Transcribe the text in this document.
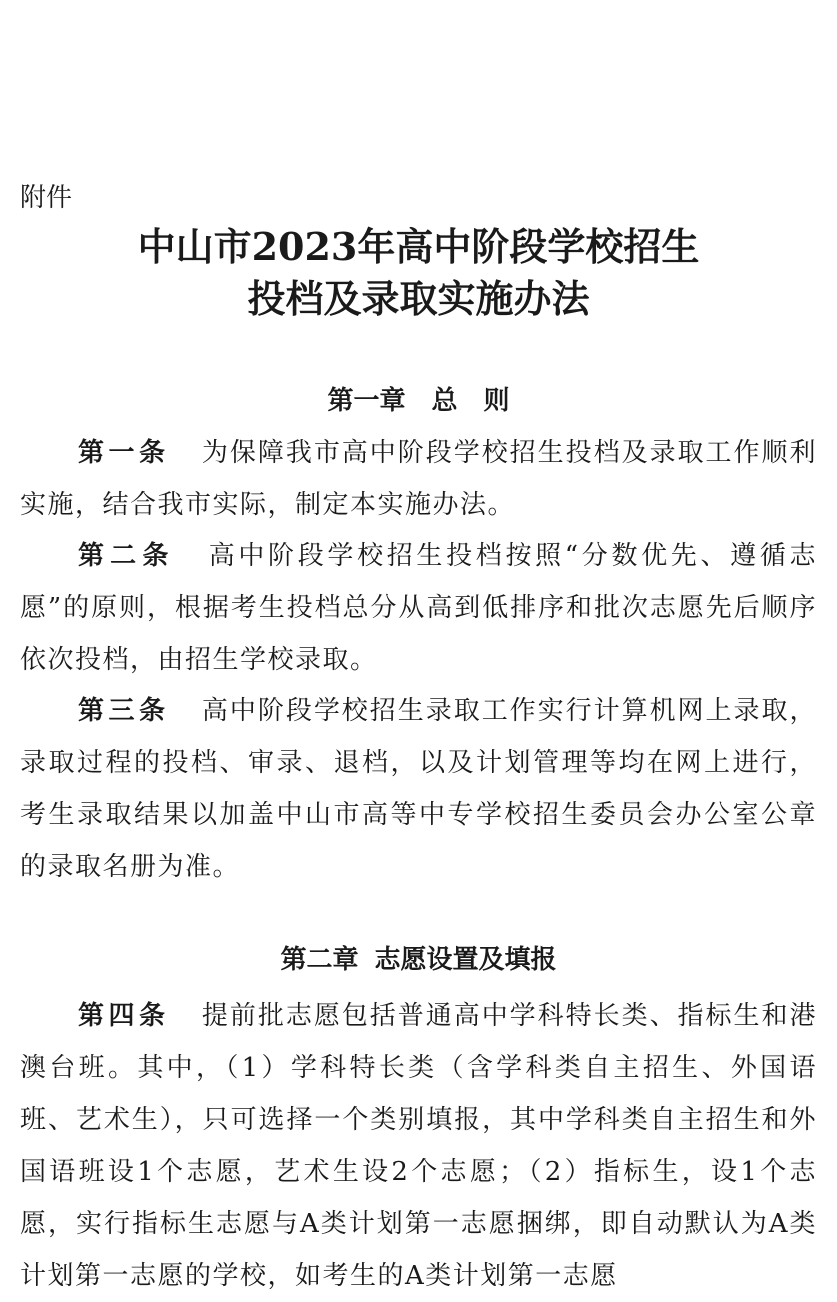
附件
中山市2023年高中阶段学校招生
投档及录取实施办法
第一章 总 则

第一条 为保障我市高中阶段学校招生投档及录取工作顺利实施，结合我市实际，制定本实施办法。

第二条 高中阶段学校招生投档按照“分数优先、遵循志愿”的原则，根据考生投档总分从高到低排序和批次志愿先后顺序依次投档，由招生学校录取。

第三条 高中阶段学校招生录取工作实行计算机网上录取，录取过程的投档、审录、退档，以及计划管理等均在网上进行，考生录取结果以加盖中山市高等中专学校招生委员会办公室公章的录取名册为准。

第二章 志愿设置及填报

第四条 提前批志愿包括普通高中学科特长类、指标生和港澳台班。其中，（1）学科特长类（含学科类自主招生、外国语班、艺术生），只可选择一个类别填报，其中学科类自主招生和外国语班设1个志愿，艺术生设2个志愿；（2）指标生，设1个志愿，实行指标生志愿与A类计划第一志愿捆绑，即自动默认为A类计划第一志愿的学校，如考生的A类计划第一志愿
